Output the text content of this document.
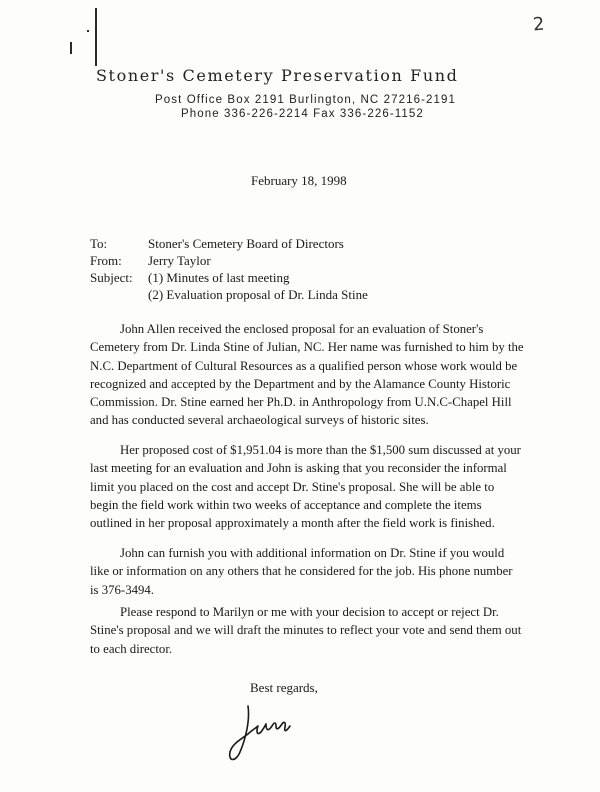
2
Stoner's Cemetery Preservation Fund
Post Office Box 2191 Burlington, NC 27216-2191
Phone 336-226-2214 Fax 336-226-1152
February 18, 1998
To:	Stoner's Cemetery Board of Directors
From: Jerry Taylor
Subject: (1) Minutes of last meeting
(2) Evaluation proposal of Dr. Linda Stine

John Allen received the enclosed proposal for an evaluation of Stoner's Cemetery from Dr. Linda Stine of Julian, NC. Her name was furnished to him by the N.C. Department of Cultural Resources as a qualified person whose work would be recognized and accepted by the Department and by the Alamance County Historic Commission. Dr. Stine earned her Ph.D. in Anthropology from U.N.C-Chapel Hill and has conducted several archaeological surveys of historic sites.

Her proposed cost of $1,951.04 is more than the $1,500 sum discussed at your last meeting for an evaluation and John is asking that you reconsider the informal limit you placed on the cost and accept Dr. Stine's proposal. She will be able to begin the field work within two weeks of acceptance and complete the items outlined in her proposal approximately a month after the field work is finished.

John can furnish you with additional information on Dr. Stine if you would like or information on any others that he considered for the job. His phone number is 376-3494.

Please respond to Marilyn or me with your decision to accept or reject Dr. Stine's proposal and we will draft the minutes to reflect your vote and send them out to each director.

Best regards,
